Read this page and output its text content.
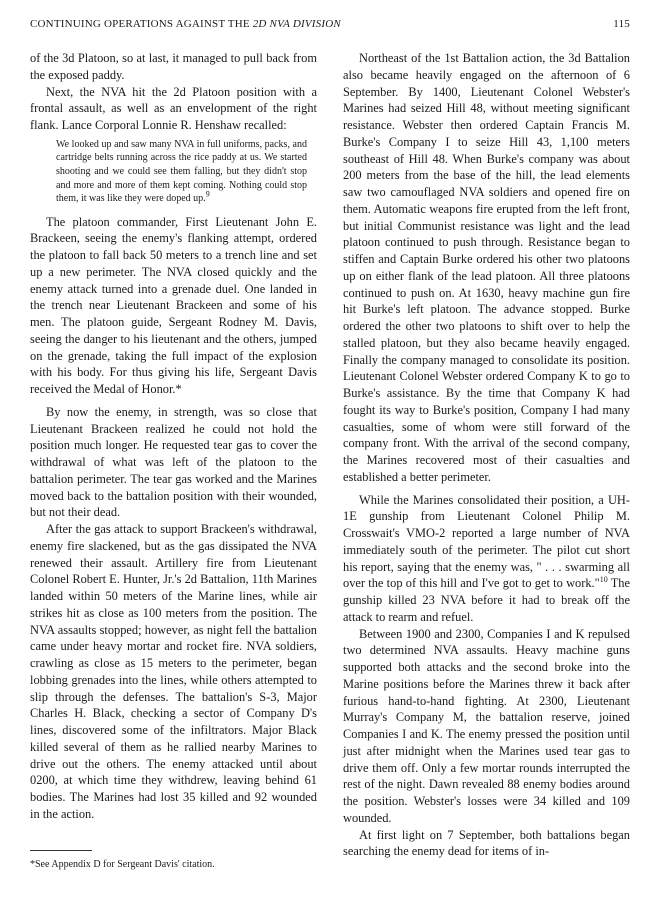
CONTINUING OPERATIONS AGAINST THE 2D NVA DIVISION	115

of the 3d Platoon, so at last, it managed to pull back from the exposed paddy.

Next, the NVA hit the 2d Platoon position with a frontal assault, as well as an envelopment of the right flank. Lance Corporal Lonnie R. Henshaw recalled:

We looked up and saw many NVA in full uniforms, packs, and cartridge belts running across the rice paddy at us. We started shooting and we could see them falling, but they didn't stop and more and more of them kept coming. Nothing could stop them, it was like they were doped up.$^9$

The platoon commander, First Lieutenant John E. Brackeen, seeing the enemy's flanking attempt, ordered the platoon to fall back 50 meters to a trench line and set up a new perimeter. The NVA closed quickly and the enemy attack turned into a grenade duel. One landed in the trench near Lieutenant Brackeen and some of his men. The platoon guide, Sergeant Rodney M. Davis, seeing the danger to his lieutenant and the others, jumped on the grenade, taking the full impact of the explosion with his body. For thus giving his life, Sergeant Davis received the Medal of Honor.*

By now the enemy, in strength, was so close that Lieutenant Brackeen realized he could not hold the position much longer. He requested tear gas to cover the withdrawal of what was left of the platoon to the battalion perimeter. The tear gas worked and the Marines moved back to the battalion position with their wounded, but not their dead.

After the gas attack to support Brackeen's withdrawal, enemy fire slackened, but as the gas dissipated the NVA renewed their assault. Artillery fire from Lieutenant Colonel Robert E. Hunter, Jr.'s 2d Battalion, 11th Marines landed within 50 meters of the Marine lines, while air strikes hit as close as 100 meters from the position. The NVA assaults stopped; however, as night fell the battalion came under heavy mortar and rocket fire. NVA soldiers, crawling as close as 15 meters to the perimeter, began lobbing grenades into the lines, while others attempted to slip through the defenses. The battalion's S-3, Major Charles H. Black, checking a sector of Company D's lines, discovered some of the infiltrators. Major Black killed several of them as he rallied nearby Marines to drive out the others. The enemy attacked until about 0200, at which time they withdrew, leaving behind 61 bodies. The Marines had lost 35 killed and 92 wounded in the action.

Northeast of the 1st Battalion action, the 3d Battalion also became heavily engaged on the afternoon of 6 September. By 1400, Lieutenant Colonel Webster's Marines had seized Hill 48, without meeting significant resistance. Webster then ordered Captain Francis M. Burke's Company I to seize Hill 43, 1,100 meters southeast of Hill 48. When Burke's company was about 200 meters from the base of the hill, the lead elements saw two camouflaged NVA soldiers and opened fire on them. Automatic weapons fire erupted from the left front, but initial Communist resistance was light and the lead platoon continued to push through. Resistance began to stiffen and Captain Burke ordered his other two platoons up on either flank of the lead platoon. All three platoons continued to push on. At 1630, heavy machine gun fire hit Burke's left platoon. The advance stopped. Burke ordered the other two platoons to shift over to help the stalled platoon, but they also became heavily engaged. Finally the company managed to consolidate its position. Lieutenant Colonel Webster ordered Company K to go to Burke's assistance. By the time that Company K had fought its way to Burke's position, Company I had many casualties, some of whom were still forward of the company front. With the arrival of the second company, the Marines recovered most of their casualties and established a better perimeter.

While the Marines consolidated their position, a UH-1E gunship from Lieutenant Colonel Philip M. Crosswait's VMO-2 reported a large number of NVA immediately south of the perimeter. The pilot cut short his report, saying that the enemy was, " . . . swarming all over the top of this hill and I've got to get to work."$^{10}$ The gunship killed 23 NVA before it had to break off the attack to rearm and refuel.

Between 1900 and 2300, Companies I and K repulsed two determined NVA assaults. Heavy machine guns supported both attacks and the second broke into the Marine positions before the Marines threw it back after furious hand-to-hand fighting. At 2300, Lieutenant Murray's Company M, the battalion reserve, joined Companies I and K. The enemy pressed the position until just after midnight when the Marines used tear gas to drive them off. Only a few mortar rounds interrupted the rest of the night. Dawn revealed 88 enemy bodies around the position. Webster's losses were 34 killed and 109 wounded.

At first light on 7 September, both battalions began searching the enemy dead for items of in-

*See Appendix D for Sergeant Davis' citation.
